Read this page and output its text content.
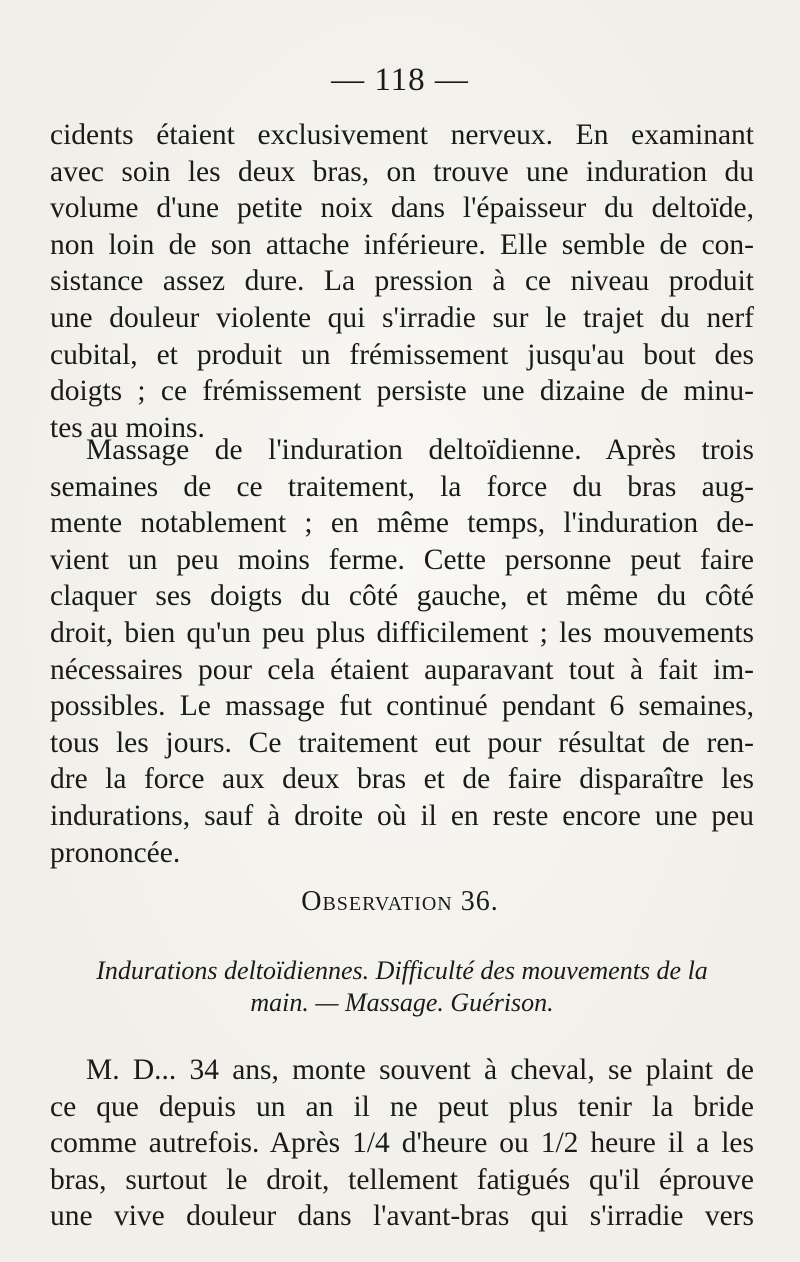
— 118 —
cidents étaient exclusivement nerveux. En examinant
avec soin les deux bras, on trouve une induration du
volume d'une petite noix dans l'épaisseur du deltoïde,
non loin de son attache inférieure. Elle semble de con-
sistance assez dure. La pression à ce niveau produit
une douleur violente qui s'irradie sur le trajet du nerf
cubital, et produit un frémissement jusqu'au bout des
doigts ; ce frémissement persiste une dizaine de minu-
tes au moins.
Massage de l'induration deltoïdienne. Après trois
semaines de ce traitement, la force du bras aug-
mente notablement ; en même temps, l'induration de-
vient un peu moins ferme. Cette personne peut faire
claquer ses doigts du côté gauche, et même du côté
droit, bien qu'un peu plus difficilement ; les mouvements
nécessaires pour cela étaient auparavant tout à fait im-
possibles. Le massage fut continué pendant 6 semaines,
tous les jours. Ce traitement eut pour résultat de ren-
dre la force aux deux bras et de faire disparaître les
indurations, sauf à droite où il en reste encore une peu
prononcée.
Observation 36.
Indurations deltoïdiennes. Difficulté des mouvements de la
main. — Massage. Guérison.
M. D... 34 ans, monte souvent à cheval, se plaint de
ce que depuis un an il ne peut plus tenir la bride
comme autrefois. Après 1/4 d'heure ou 1/2 heure il a les
bras, surtout le droit, tellement fatigués qu'il éprouve
une vive douleur dans l'avant-bras qui s'irradie vers
